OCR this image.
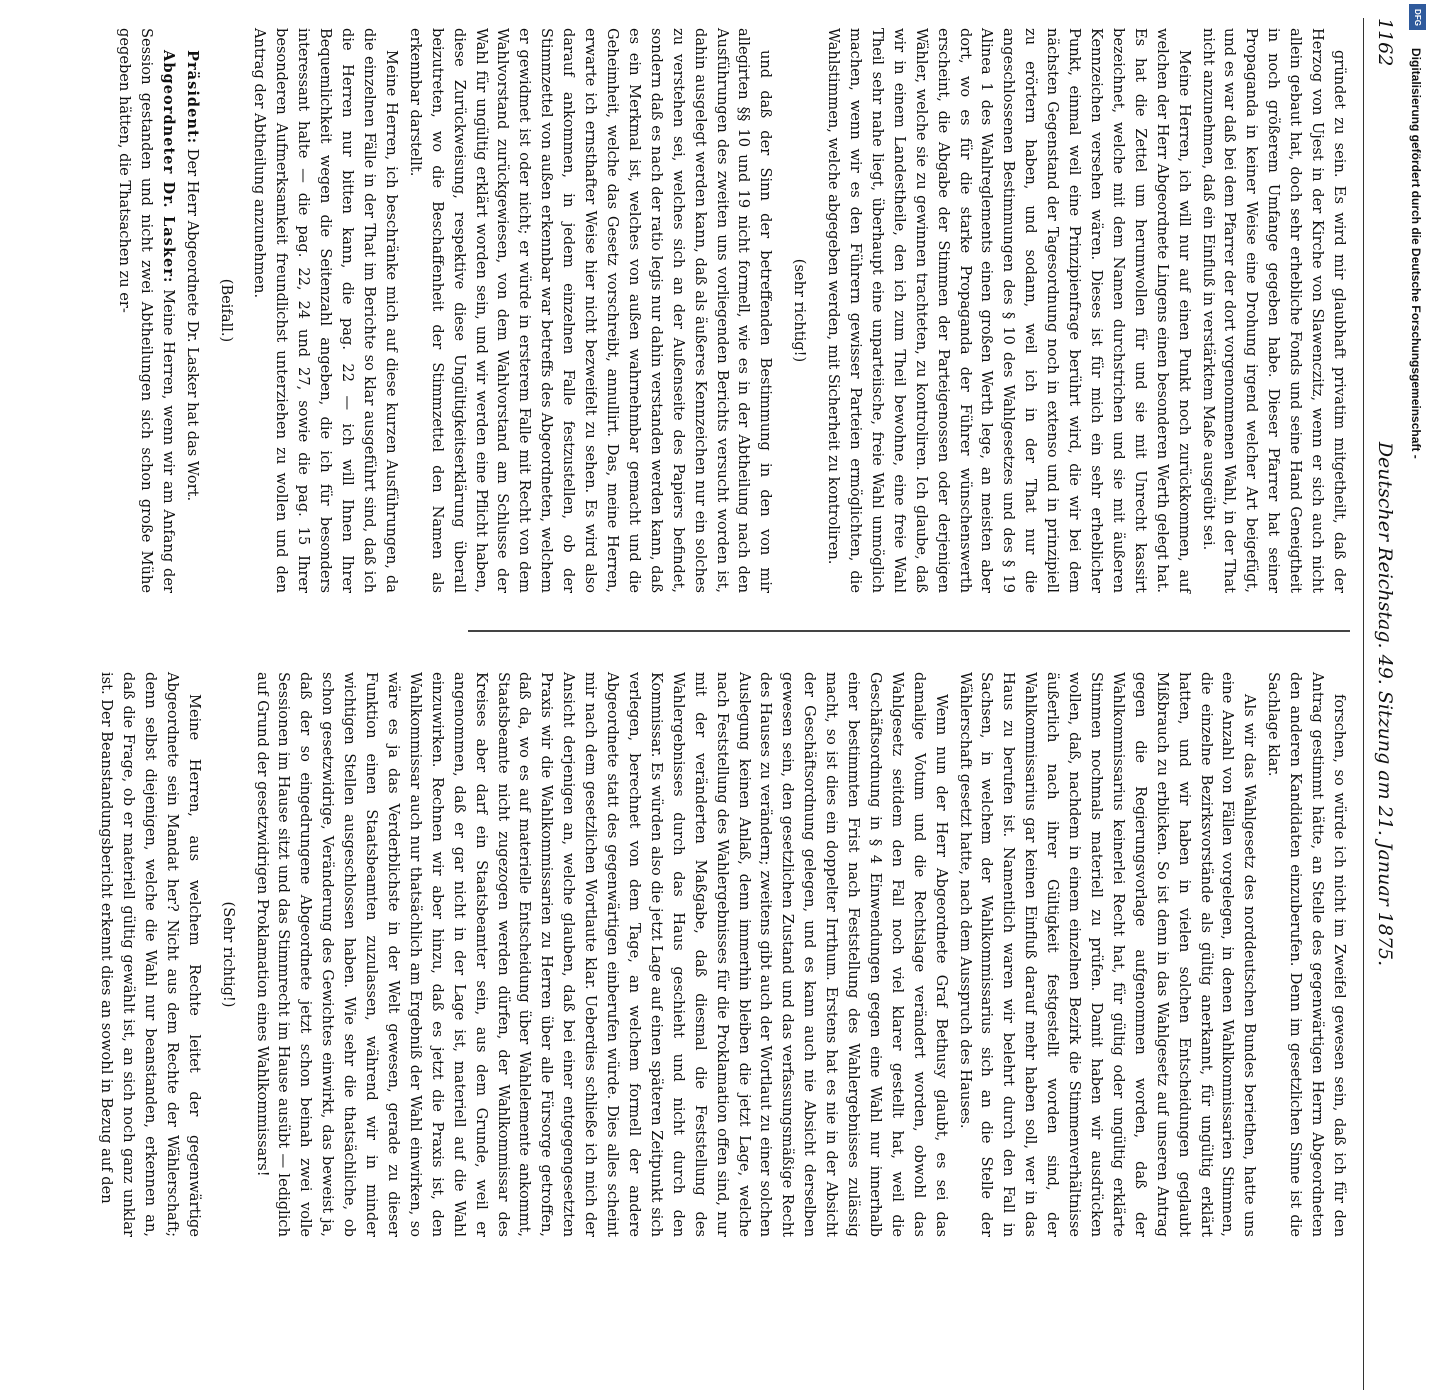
1162
Deutscher Reichstag. 49. Sitzung am 21. Januar 1875.

gründet zu sein. Es wird mir glaubhaft privatim mitgetheilt, daß der Herzog von Ujest in der Kirche von Slawenczitz, wenn er sich auch nicht allein gebaut hat, doch sehr erhebliche Fonds und seine Hand Geneigtheit in noch größerem Umfange gegeben habe. Dieser Pfarrer hat seiner Propaganda in keiner Weise eine Drohung irgend welcher Art beigefügt, und es war daß bei dem Pfarrer der dort vorgenommenen Wahl, in der That nicht anzunehmen, daß ein Einfluß in verstärktem Maße ausgeübt sei.

Meine Herren, ich will nur auf einen Punkt noch zurückkommen, auf welchen der Herr Abgeordnete Lingens einen besonderen Werth gelegt hat. Es hat die Zettel um herumwollen für und sie mit Unrecht kassirt bezeichnet, welche mit dem Namen durchstrichen und sie mit äußeren Kennzeichen versehen wären. Dieses ist für mich ein sehr erheblicher Punkt, einmal weil eine Prinzipienfrage berührt wird, die wir bei dem nächsten Gegenstand der Tagesordnung noch in extenso und in prinzipiell zu erörtern haben, und sodann, weil ich in der That nur die angeschlossenen Bestimmungen des § 10 des Wahlgesetzes und des § 19 Alinea 1 des Wahlreglements einen großen Werth lege, an meisten aber dort, wo es für die starke Propaganda der Führer wünschenswerth erscheint, die Abgabe der Stimmen der Parteigenossen oder derjenigen Wähler, welche sie zu gewinnen trachteten, zu kontroliren. Ich glaube, daß wir in einem Landestheile, den ich zum Theil bewohne, eine freie Wahl Theil sehr nahe liegt, überhaupt eine unparteiische, freie Wahl unmöglich machen, wenn wir es den Führern gewisser Parteien ermöglichten, die Wahlstimmen, welche abgegeben werden, mit Sicherheit zu kontroliren.

(sehr richtig!)

und daß der Sinn der betreffenden Bestimmung in den von mir allegirten §§ 10 und 19 nicht formell, wie es in der Abtheilung nach den Ausführungen des zweiten uns vorliegenden Berichts versucht worden ist, dahin ausgelegt werden kann, daß als äußeres Kennzeichen nur ein solches zu verstehen sei, welches sich an der Außenseite des Papiers befindet, sondern daß es nach der ratio legis nur dahin verstanden werden kann, daß es ein Merkmal ist, welches von außen wahrnehmbar gemacht und die Geheimheit, welche das Gesetz vorschreibt, annullirt. Das, meine Herren, erwarte ich ernsthafter Weise hier nicht bezweifelt zu sehen. Es wird also darauf ankommen, in jedem einzelnen Falle festzustellen, ob der Stimmzettel von außen erkennbar war betreffs des Abgeordneten, welchem er gewidmet ist oder nicht; er würde in ersterem Falle mit Recht von dem Wahlvorstand zurückgewiesen, von dem Wahlvorstand am Schlusse der Wahl für ungültig erklärt worden sein, und wir werden eine Pflicht haben, diese Zurückweisung, respektive diese Ungültigkeitserklärung überall beizutreten, wo die Beschaffenheit der Stimmzettel den Namen als erkennbar darstellt.

Meine Herren, ich beschränke mich auf diese kurzen Ausführungen, da die einzelnen Fälle in der That im Berichte so klar ausgeführt sind, daß ich die Herren nur bitten kann, die pag. 22 — ich will Ihnen Ihrer Bequemlichkeit wegen die Seitenzahl angeben, die ich für besonders interessant halte — die pag. 22, 24 und 27, sowie die pag. 15 Ihrer besonderen Aufmerksamkeit freundlichst unterziehen zu wollen und den Antrag der Abtheilung anzunehmen.

(Beifall.)

Präsident: Der Herr Abgeordnete Dr. Lasker hat das Wort.

Abgeordneter Dr. Lasker: Meine Herren, wenn wir am Anfang der Session gestanden und nicht zwei Abtheilungen sich schon große Mühe gegeben hätten, die Thatsachen zu er-

forschen, so würde ich nicht im Zweifel gewesen sein, daß ich für den Antrag gestimmt hätte, an Stelle des gegenwärtigen Herrn Abgeordneten den anderen Kandidaten einzuberufen. Denn im gesetzlichen Sinne ist die Sachlage klar.

Als wir das Wahlgesetz des norddeutschen Bundes beriethen, hatte uns eine Anzahl von Fällen vorgelegen, in denen Wahlkommissarien Stimmen, die einzelne Bezirksvorstände als gültig anerkannt, für ungültig erklärt hatten, und wir haben in vielen solchen Entscheidungen geglaubt Mißbrauch zu erblicken. So ist denn in das Wahlgesetz auf unseren Antrag gegen die Regierungsvorlage aufgenommen worden, daß der Wahlkommissarius keinerlei Recht hat, für gültig oder ungültig erklärte Stimmen nochmals materiell zu prüfen. Damit haben wir ausdrücken wollen, daß, nachdem in einem einzelnen Bezirk die Stimmenverhältnisse äußerlich nach ihrer Gültigkeit festgestellt worden sind, der Wahlkommissarius gar keinen Einfluß darauf mehr haben soll, wer in das Haus zu berufen ist. Namentlich waren wir belehrt durch den Fall in Sachsen, in welchem der Wahlkommissarius sich an die Stelle der Wählerschaft gesetzt hatte, nach dem Ausspruch des Hauses.

Wenn nun der Herr Abgeordnete Graf Bethusy glaubt, es sei das damalige Votum und die Rechtslage verändert worden, obwohl das Wahlgesetz seitdem den Fall noch viel klarer gestellt hat, weil die Geschäftsordnung in § 4 Einwendungen gegen eine Wahl nur innerhalb einer bestimmten Frist nach Feststellung des Wahlergebnisses zulässig macht, so ist dies ein doppelter Irrthum. Erstens hat es nie in der Absicht der Geschäftsordnung gelegen, und es kann auch nie Absicht derselben gewesen sein, den gesetzlichen Zustand und das verfassungsmäßige Recht des Hauses zu verändern; zweitens gibt auch der Wortlaut zu einer solchen Auslegung keinen Anlaß, denn immerhin bleiben die jetzt Lage, welche nach Feststellung des Wahlergebnisses für die Proklamation offen sind, nur mit der veränderten Maßgabe, daß diesmal die Feststellung des Wahlergebnisses durch das Haus geschieht und nicht durch den Kommissar. Es würden also die jetzt Lage auf einen späteren Zeitpunkt sich verlegen, berechnet von dem Tage, an welchem formell der andere Abgeordnete statt des gegenwärtigen einberufen würde. Dies alles scheint mir nach dem gesetzlichen Wortlaute klar. Ueberdies schließe ich mich der Ansicht derjenigen an, welche glauben, daß bei einer entgegengesetzten Praxis wir die Wahlkommissarien zu Herren über alle Fürsorge getroffen, daß da, wo es auf materielle Entscheidung über Wahlelemente ankommt, Staatsbeamte nicht zugezogen werden dürfen, der Wahlkommissar des Kreises aber darf ein Staatsbeamter sein, aus dem Grunde, weil er angenommen, daß er gar nicht in der Lage ist, materiell auf die Wahl einzuwirken. Rechnen wir aber hinzu, daß es jetzt die Praxis ist, den Wahlkommissar auch nur thatsächlich am Ergebniß der Wahl einwirken, so wäre es ja das Verderblichste in der Welt gewesen, gerade zu dieser Funktion einen Staatsbeamten zuzulassen, während wir in minder wichtigen Stellen ausgeschlossen haben. Wie sehr die thatsächliche, ob schon gesetzwidrige, Veränderung des Gewichtes einwirkt, das beweist ja, daß der so eingedrungene Abgeordnete jetzt schon beinah zwei volle Sessionen im Hause sitzt und das Stimmrecht im Hause ausübt — lediglich auf Grund der gesetzwidrigen Proklamation eines Wahlkommissars!

(Sehr richtig!)

Meine Herren, aus welchem Rechte leitet der gegenwärtige Abgeordnete sein Mandat her? Nicht aus dem Rechte der Wählerschaft; denn selbst diejenigen, welche die Wahl nur beanstanden, erkennen an, daß die Frage, ob er materiell gültig gewählt ist, an sich noch ganz unklar ist. Der Beanstandungsbericht erkennt dies an sowohl in Bezug auf den

Digitalisierung gefördert durch die Deutsche Forschungsgemeinschaft -
DFG
